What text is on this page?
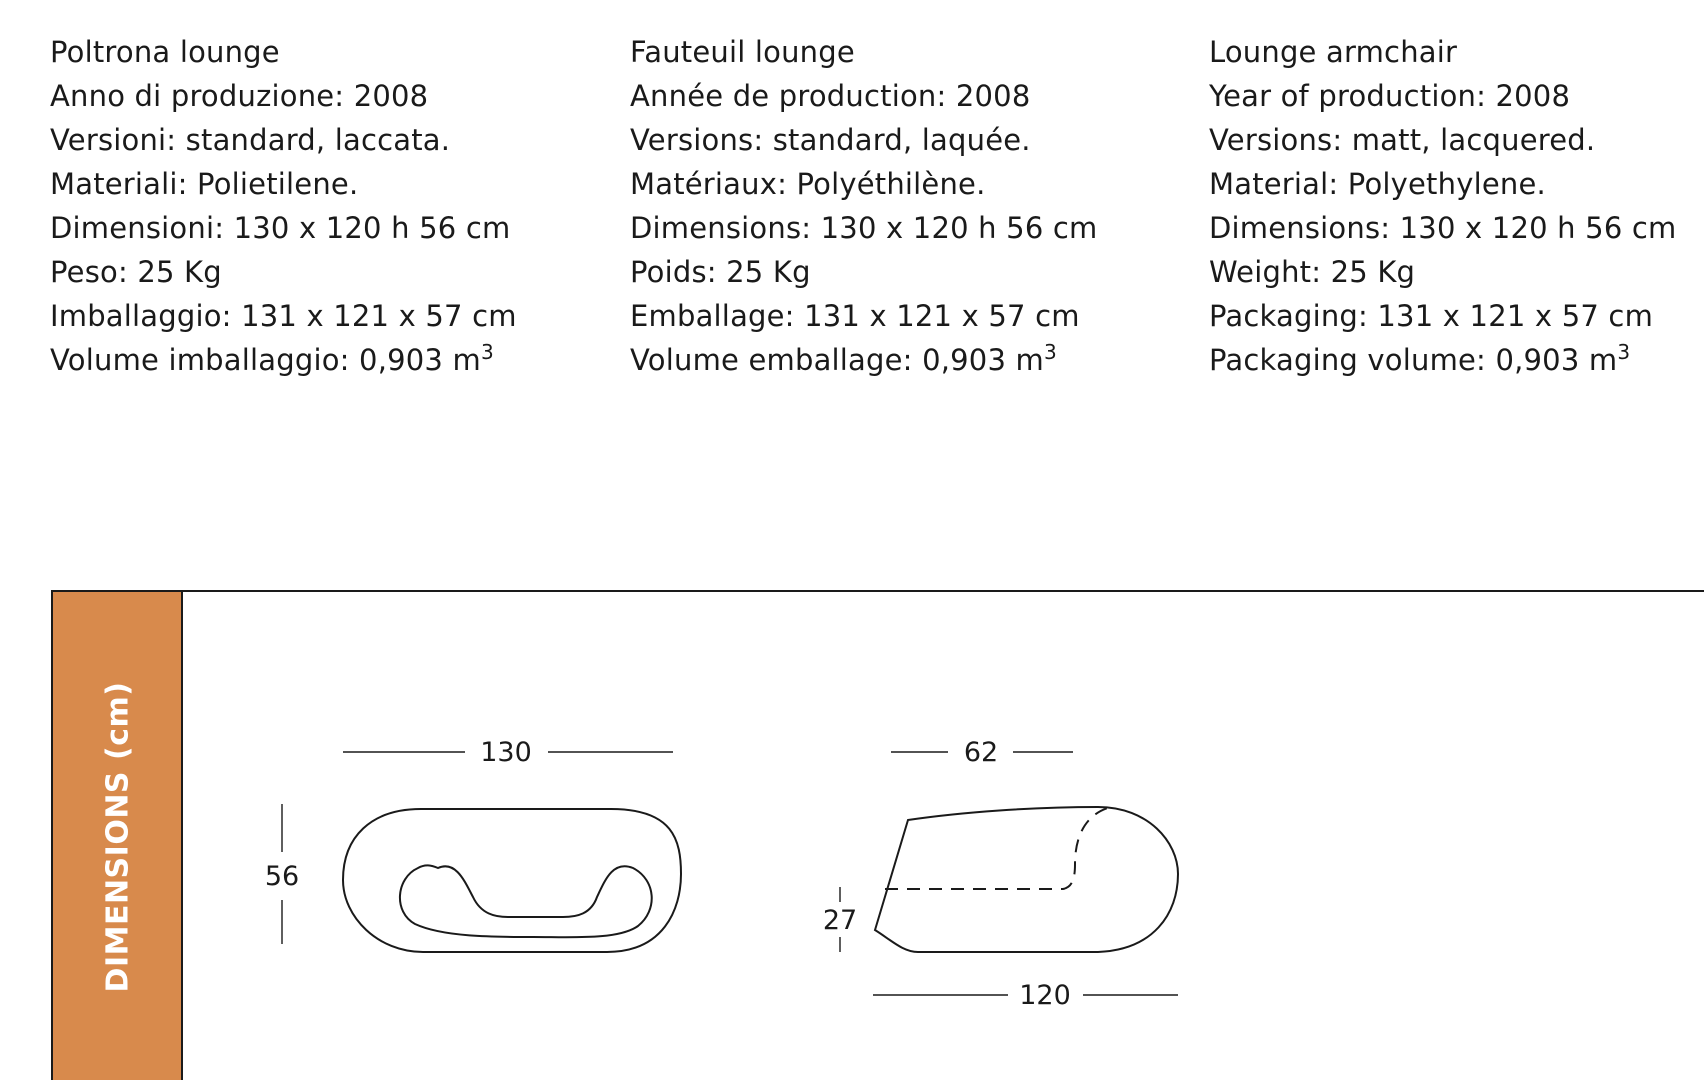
Poltrona lounge
Anno di produzione: 2008
Versioni: standard, laccata.
Materiali: Polietilene.
Dimensioni: 130 x 120 h 56 cm
Peso: 25 Kg
Imballaggio: 131 x 121 x 57 cm
Volume imballaggio: 0,903 $m^3$
Fauteuil lounge
Année de production: 2008
Versions: standard, laquée.
Matériaux: Polyéthilène.
Dimensions: 130 x 120 h 56 cm
Poids: 25 Kg
Emballage: 131 x 121 x 57 cm
Volume emballage: 0,903 $m^3$
Lounge armchair
Year of production: 2008
Versions: matt, lacquered.
Material: Polyethylene.
Dimensions: 130 x 120 h 56 cm
Weight: 25 Kg
Packaging: 131 x 121 x 57 cm
Packaging volume: 0,903 $m^3$
DIMENSIONS (cm)	130
56
62
27
120
